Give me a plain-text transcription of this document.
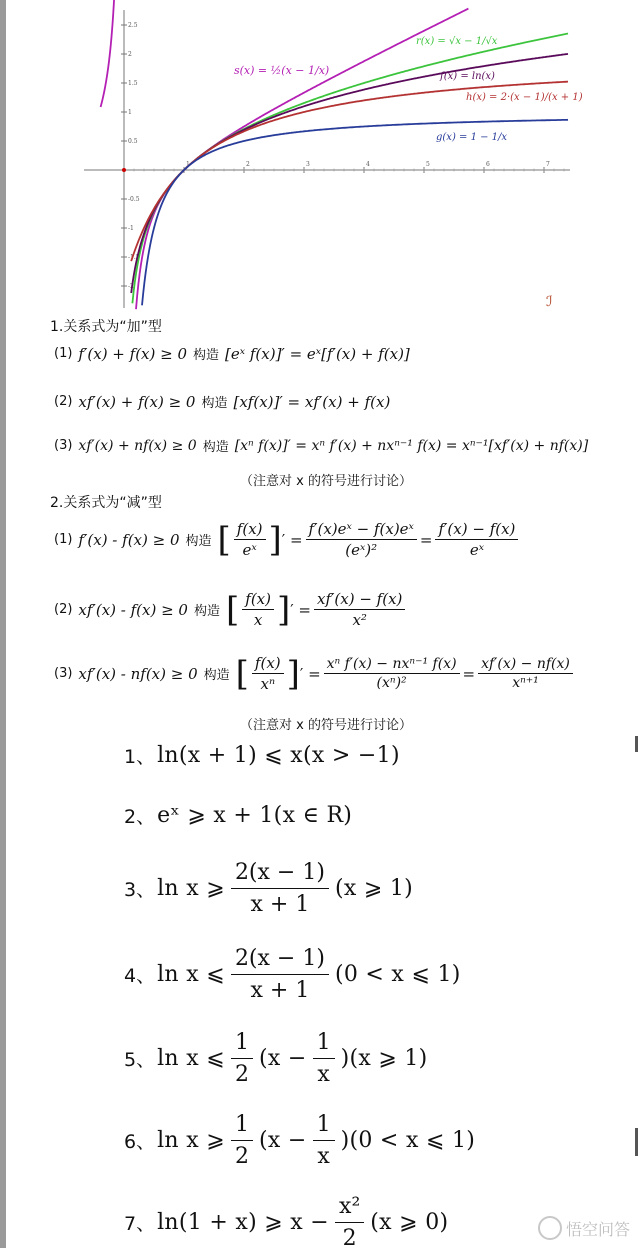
1	2	3	4	5	6	7
2.5
2
1.5
1
0.5
-0.5
-1
-1.5
-2
s(x) = ½(x − 1/x)
r(x) = √x − 1/√x
f(x) = ln(x)
h(x) = 2·(x − 1)/(x + 1)
g(x) = 1 − 1/x
ℐ
1.关系式为“加”型
(1) f′(x) + f(x) ≥ 0 构造 [eˣ f(x)]′ = eˣ[f′(x) + f(x)]
(2) xf′(x) + f(x) ≥ 0 构造 [xf(x)]′ = xf′(x) + f(x)
(3) xf′(x) + nf(x) ≥ 0 构造 [xⁿ f(x)]′ = xⁿ f′(x) + nxⁿ⁻¹ f(x) = xⁿ⁻¹[xf′(x) + nf(x)]
（注意对 x 的符号进行讨论）
2.关系式为“减”型
(1) f′(x) - f(x) ≥ 0 构造 [ $\frac{f(x)}{\text{eˣ}}$ ] ′ = $\frac{\text{f′(x)eˣ − f(x)eˣ}}{\text{(eˣ)²}} = \frac{f'(x) - f(x)}{\text{eˣ}}$
(2) xf′(x) - f(x) ≥ 0 构造 [ $\frac{f(x)}{x}$ ] ′ = $\frac{xf'(x) - f(x)}{\text{x²}}$
(3) xf′(x) - nf(x) ≥ 0 构造 [ $\frac{f(x)}{\text{xⁿ}}$ ] ′ = $\frac{\text{xⁿ f′(x) − nxⁿ⁻¹ f(x)}}{\text{(xⁿ)²}} = \frac{xf'(x) - nf(x)}{\text{xⁿ⁺¹}}$
（注意对 x 的符号进行讨论）
1、 ln(x + 1) ⩽ x(x > −1)
2、 eˣ ⩾ x + 1(x ∈ R)
3、 ln x ⩾
2(x − 1)
x + 1
(x ⩾ 1)
4、 ln x ⩽
2(x − 1)
x + 1
(0 < x ⩽ 1)
5、 ln x ⩽
1
2
$(x - \frac{1}{x} )(x$ ⩾ 1)
6、 ln x ⩾
1
2
$(x - \frac{1}{x} )(0 < x$ ⩽ 1)
7、 ln(1 + x) ⩾ $x - \frac{\text{x²}}{2} (x$ ⩾ 0)	悟空问答
